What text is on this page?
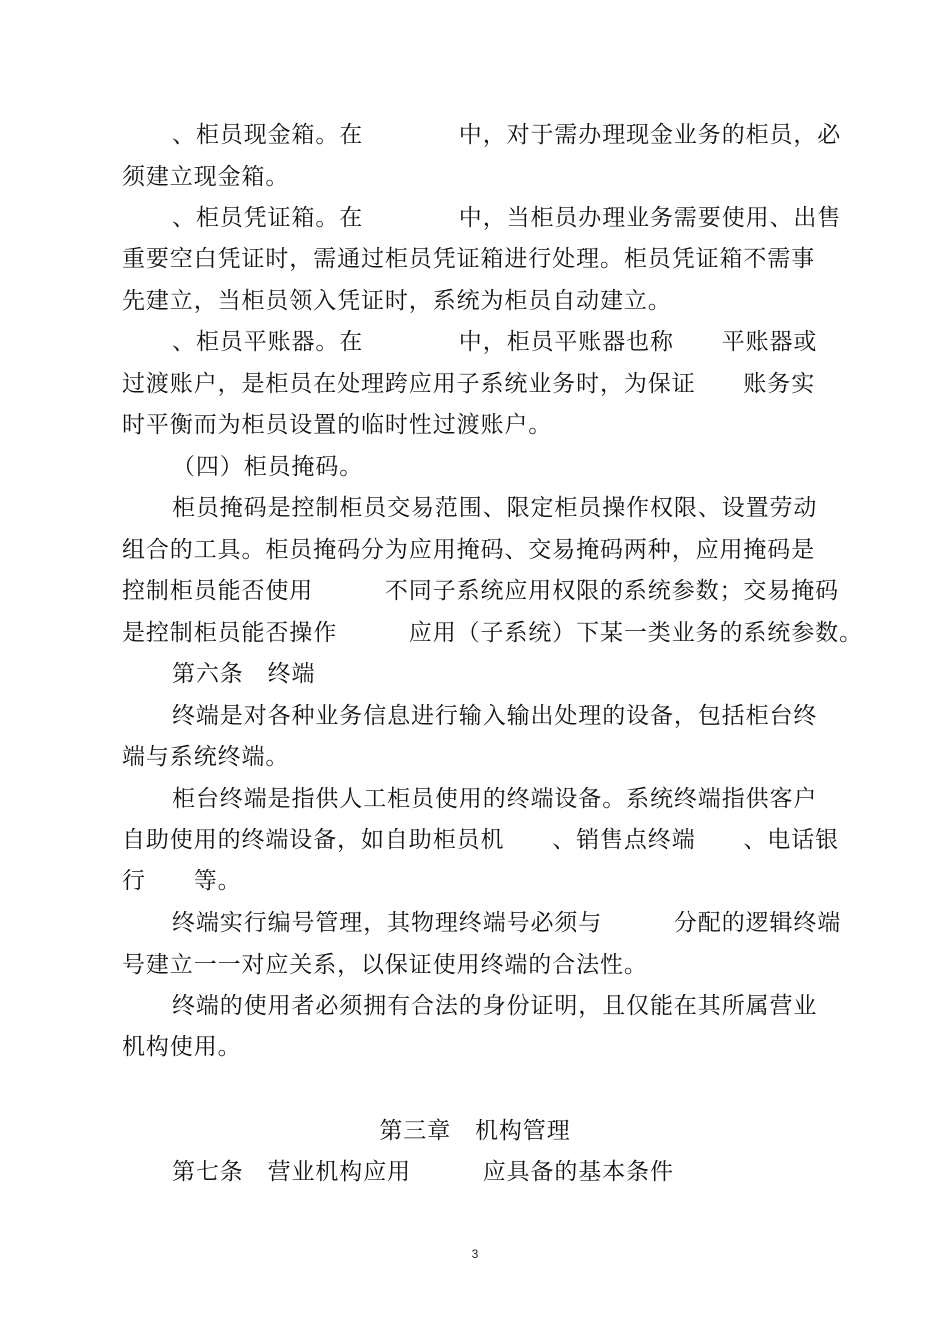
、柜员现金箱。在　　　　中，对于需办理现金业务的柜员，必
须建立现金箱。
、柜员凭证箱。在　　　　中，当柜员办理业务需要使用、出售
重要空白凭证时，需通过柜员凭证箱进行处理。柜员凭证箱不需事
先建立，当柜员领入凭证时，系统为柜员自动建立。
、柜员平账器。在　　　　中，柜员平账器也称　　平账器或
过渡账户，是柜员在处理跨应用子系统业务时，为保证　　账务实
时平衡而为柜员设置的临时性过渡账户。
（四）柜员掩码。
柜员掩码是控制柜员交易范围、限定柜员操作权限、设置劳动
组合的工具。柜员掩码分为应用掩码、交易掩码两种，应用掩码是
控制柜员能否使用　　　不同子系统应用权限的系统参数；交易掩码
是控制柜员能否操作　　　应用（子系统）下某一类业务的系统参数。
第六条　终端
终端是对各种业务信息进行输入输出处理的设备，包括柜台终
端与系统终端。
柜台终端是指供人工柜员使用的终端设备。系统终端指供客户
自助使用的终端设备，如自助柜员机　　、销售点终端　　、电话银
行　　等。
终端实行编号管理，其物理终端号必须与　　　分配的逻辑终端
号建立一一对应关系，以保证使用终端的合法性。
终端的使用者必须拥有合法的身份证明，且仅能在其所属营业
机构使用。
第三章　机构管理
第七条　营业机构应用　　　应具备的基本条件
3
